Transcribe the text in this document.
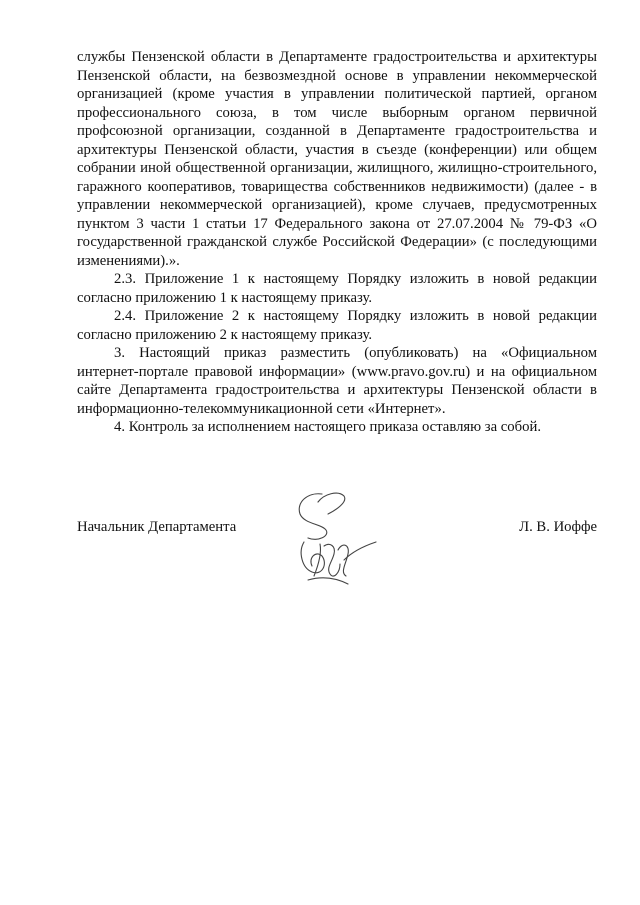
службы Пензенской области в Департаменте градостроительства и архитектуры Пензенской области, на безвозмездной основе в управлении некоммерческой организацией (кроме участия в управлении политической партией, органом профессионального союза, в том числе выборным органом первичной профсоюзной организации, созданной в Департаменте градостроительства и архитектуры Пензенской области, участия в съезде (конференции) или общем собрании иной общественной организации, жилищного, жилищно-строительного, гаражного кооперативов, товарищества собственников недвижимости) (далее - в управлении некоммерческой организацией), кроме случаев, предусмотренных пунктом 3 части 1 статьи 17 Федерального закона от 27.07.2004 № 79-ФЗ «О государственной гражданской службе Российской Федерации» (с последующими изменениями).».

2.3. Приложение 1 к настоящему Порядку изложить в новой редакции согласно приложению 1 к настоящему приказу.

2.4. Приложение 2 к настоящему Порядку изложить в новой редакции согласно приложению 2 к настоящему приказу.

3. Настоящий приказ разместить (опубликовать) на «Официальном интернет-портале правовой информации» (www.pravo.gov.ru) и на официальном сайте Департамента градостроительства и архитектуры Пензенской области в информационно-телекоммуникационной сети «Интернет».

4. Контроль за исполнением настоящего приказа оставляю за собой.

Начальник Департамента	Л. В. Иоффе
